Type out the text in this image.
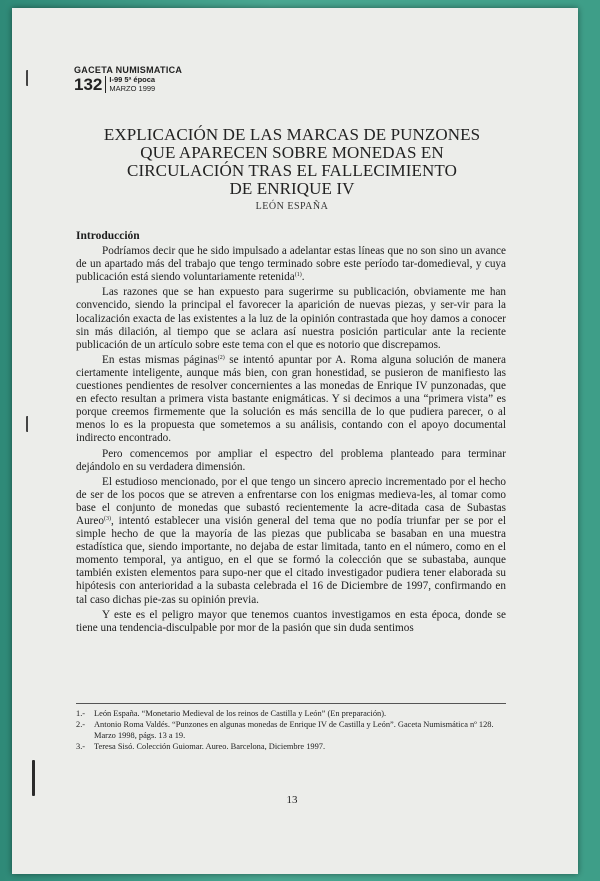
GACETA NUMISMATICA
132 I-99 5ª época
MARZO 1999
EXPLICACIÓN DE LAS MARCAS DE PUNZONES
QUE APARECEN SOBRE MONEDAS EN
CIRCULACIÓN TRAS EL FALLECIMIENTO
DE ENRIQUE IV
LEÓN ESPAÑA
Introducción

Podríamos decir que he sido impulsado a adelantar estas líneas que no son sino un avance de un apartado más del trabajo que tengo terminado sobre este período tar-domedieval, y cuya publicación está siendo voluntariamente retenida$^{(1)}$.

Las razones que se han expuesto para sugerirme su publicación, obviamente me han convencido, siendo la principal el favorecer la aparición de nuevas piezas, y ser-vir para la localización exacta de las existentes a la luz de la opinión contrastada que hoy damos a conocer sin más dilación, al tiempo que se aclara así nuestra posición particular ante la reciente publicación de un artículo sobre este tema con el que es notorio que discrepamos.

En estas mismas páginas$^{(2)}$ se intentó apuntar por A. Roma alguna solución de manera ciertamente inteligente, aunque más bien, con gran honestidad, se pusieron de manifiesto las cuestiones pendientes de resolver concernientes a las monedas de Enrique IV punzonadas, que en efecto resultan a primera vista bastante enigmáticas. Y si decimos a una “primera vista” es porque creemos firmemente que la solución es más sencilla de lo que pudiera parecer, o al menos lo es la propuesta que sometemos a su análisis, contando con el apoyo documental indirecto encontrado.

Pero comencemos por ampliar el espectro del problema planteado para terminar dejándolo en su verdadera dimensión.

El estudioso mencionado, por el que tengo un sincero aprecio incrementado por el hecho de ser de los pocos que se atreven a enfrentarse con los enigmas medieva-les, al tomar como base el conjunto de monedas que subastó recientemente la acre-ditada casa de Subastas Aureo$^{(3)}$, intentó establecer una visión general del tema que no podía triunfar per se por el simple hecho de que la mayoría de las piezas que publicaba se basaban en una muestra estadística que, siendo importante, no dejaba de estar limitada, tanto en el número, como en el momento temporal, ya antiguo, en el que se formó la colección que se subastaba, aunque también existen elementos para supo-ner que el citado investigador pudiera tener elaborada su hipótesis con anterioridad a la subasta celebrada el 16 de Diciembre de 1997, confirmando en tal caso dichas pie-zas su opinión previa.

Y este es el peligro mayor que tenemos cuantos investigamos en esta época, donde se tiene una tendencia-disculpable por mor de la pasión que sin duda sentimos

1.-	León España. “Monetario Medieval de los reinos de Castilla y León” (En preparación).
2.-	Antonio Roma Valdés. “Punzones en algunas monedas de Enrique IV de Castilla y León”. Gaceta Numismática nº 128. Marzo 1998, págs. 13 a 19.
3.-	Teresa Sisó. Colección Guiomar. Aureo. Barcelona, Diciembre 1997.
13
